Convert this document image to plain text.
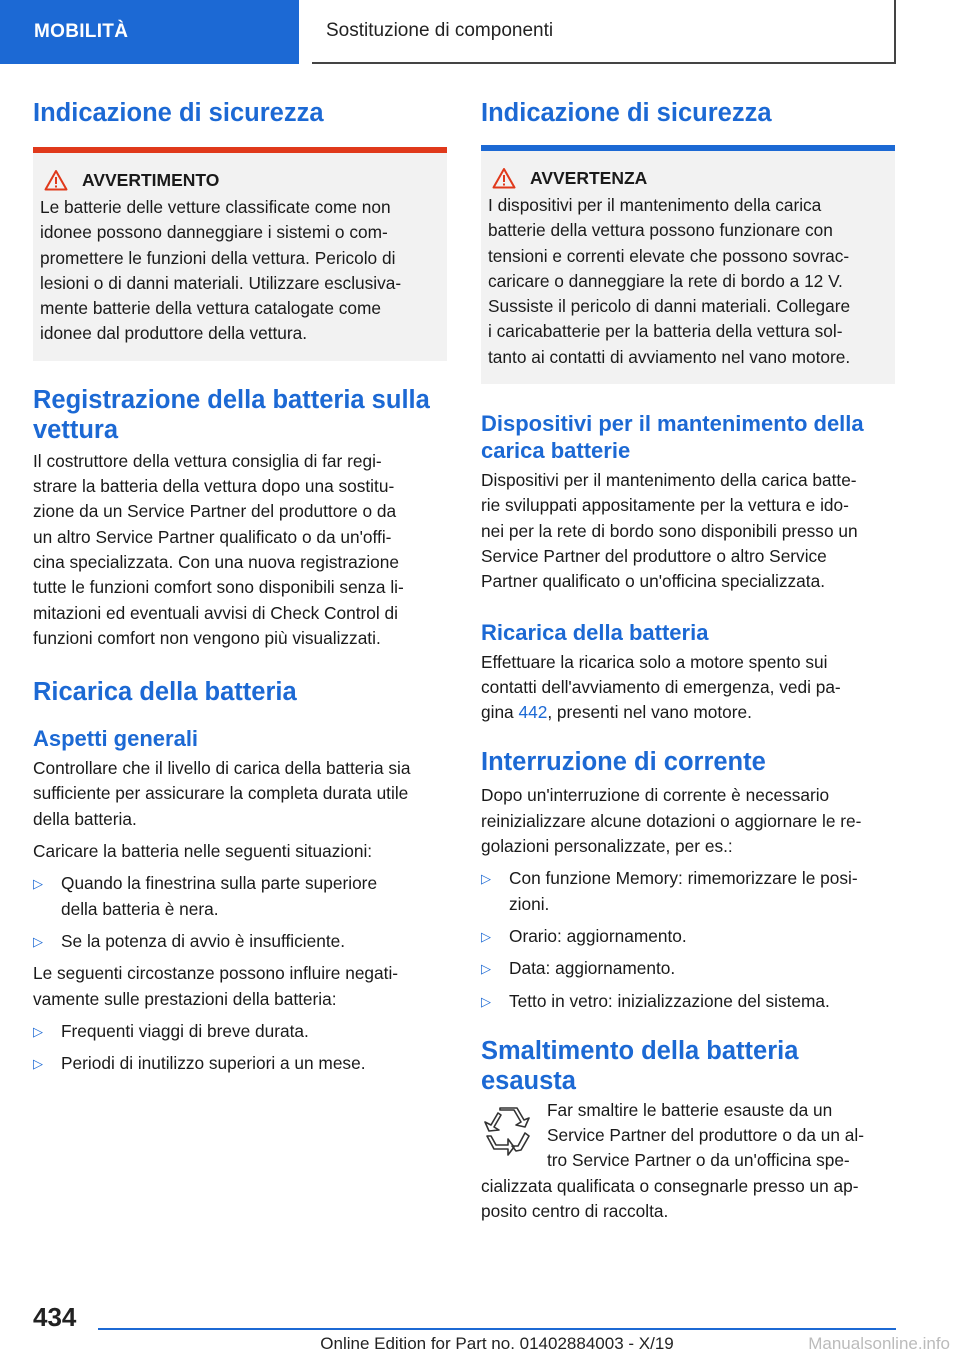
MOBILITÀ	Sostituzione di componenti
Indicazione di sicurezza
AVVERTIMENTO

Le batterie delle vetture classificate come non
idonee possono danneggiare i sistemi o com-
promettere le funzioni della vettura. Pericolo di
lesioni o di danni materiali. Utilizzare esclusiva-
mente batterie della vettura catalogate come
idonee dal produttore della vettura.

Registrazione della batteria sulla vettura

Il costruttore della vettura consiglia di far regi-
strare la batteria della vettura dopo una sostitu-
zione da un Service Partner del produttore o da
un altro Service Partner qualificato o da un'offi-
cina specializzata. Con una nuova registrazione
tutte le funzioni comfort sono disponibili senza li-
mitazioni ed eventuali avvisi di Check Control di
funzioni comfort non vengono più visualizzati.

Ricarica della batteria
Aspetti generali

Controllare che il livello di carica della batteria sia
sufficiente per assicurare la completa durata utile
della batteria.

Caricare la batteria nelle seguenti situazioni:

▷ Quando la finestrina sulla parte superiore
della batteria è nera.
▷ Se la potenza di avvio è insufficiente.

Le seguenti circostanze possono influire negati-
vamente sulle prestazioni della batteria:

▷ Frequenti viaggi di breve durata.
▷ Periodi di inutilizzo superiori a un mese.
Indicazione di sicurezza
AVVERTENZA

I dispositivi per il mantenimento della carica
batterie della vettura possono funzionare con
tensioni e correnti elevate che possono sovrac-
caricare o danneggiare la rete di bordo a 12 V.
Sussiste il pericolo di danni materiali. Collegare
i caricabatterie per la batteria della vettura sol-
tanto ai contatti di avviamento nel vano motore.

Dispositivi per il mantenimento della carica batterie

Dispositivi per il mantenimento della carica batte-
rie sviluppati appositamente per la vettura e ido-
nei per la rete di bordo sono disponibili presso un
Service Partner del produttore o altro Service
Partner qualificato o un'officina specializzata.

Ricarica della batteria

Effettuare la ricarica solo a motore spento sui
contatti dell'avviamento di emergenza, vedi pa-
gina 442, presenti nel vano motore.

Interruzione di corrente

Dopo un'interruzione di corrente è necessario
reinizializzare alcune dotazioni o aggiornare le re-
golazioni personalizzate, per es.:

▷ Con funzione Memory: rimemorizzare le posi-
zioni.
▷ Orario: aggiornamento.
▷ Data: aggiornamento.
▷ Tetto in vetro: inizializzazione del sistema.
Smaltimento della batteria esausta

Far smaltire le batterie esauste da un
Service Partner del produttore o da un al-
tro Service Partner o da un'officina spe-

cializzata qualificata o consegnarle presso un ap-
posito centro di raccolta.

434
Online Edition for Part no. 01402884003 - X/19	Manualsonline.info
